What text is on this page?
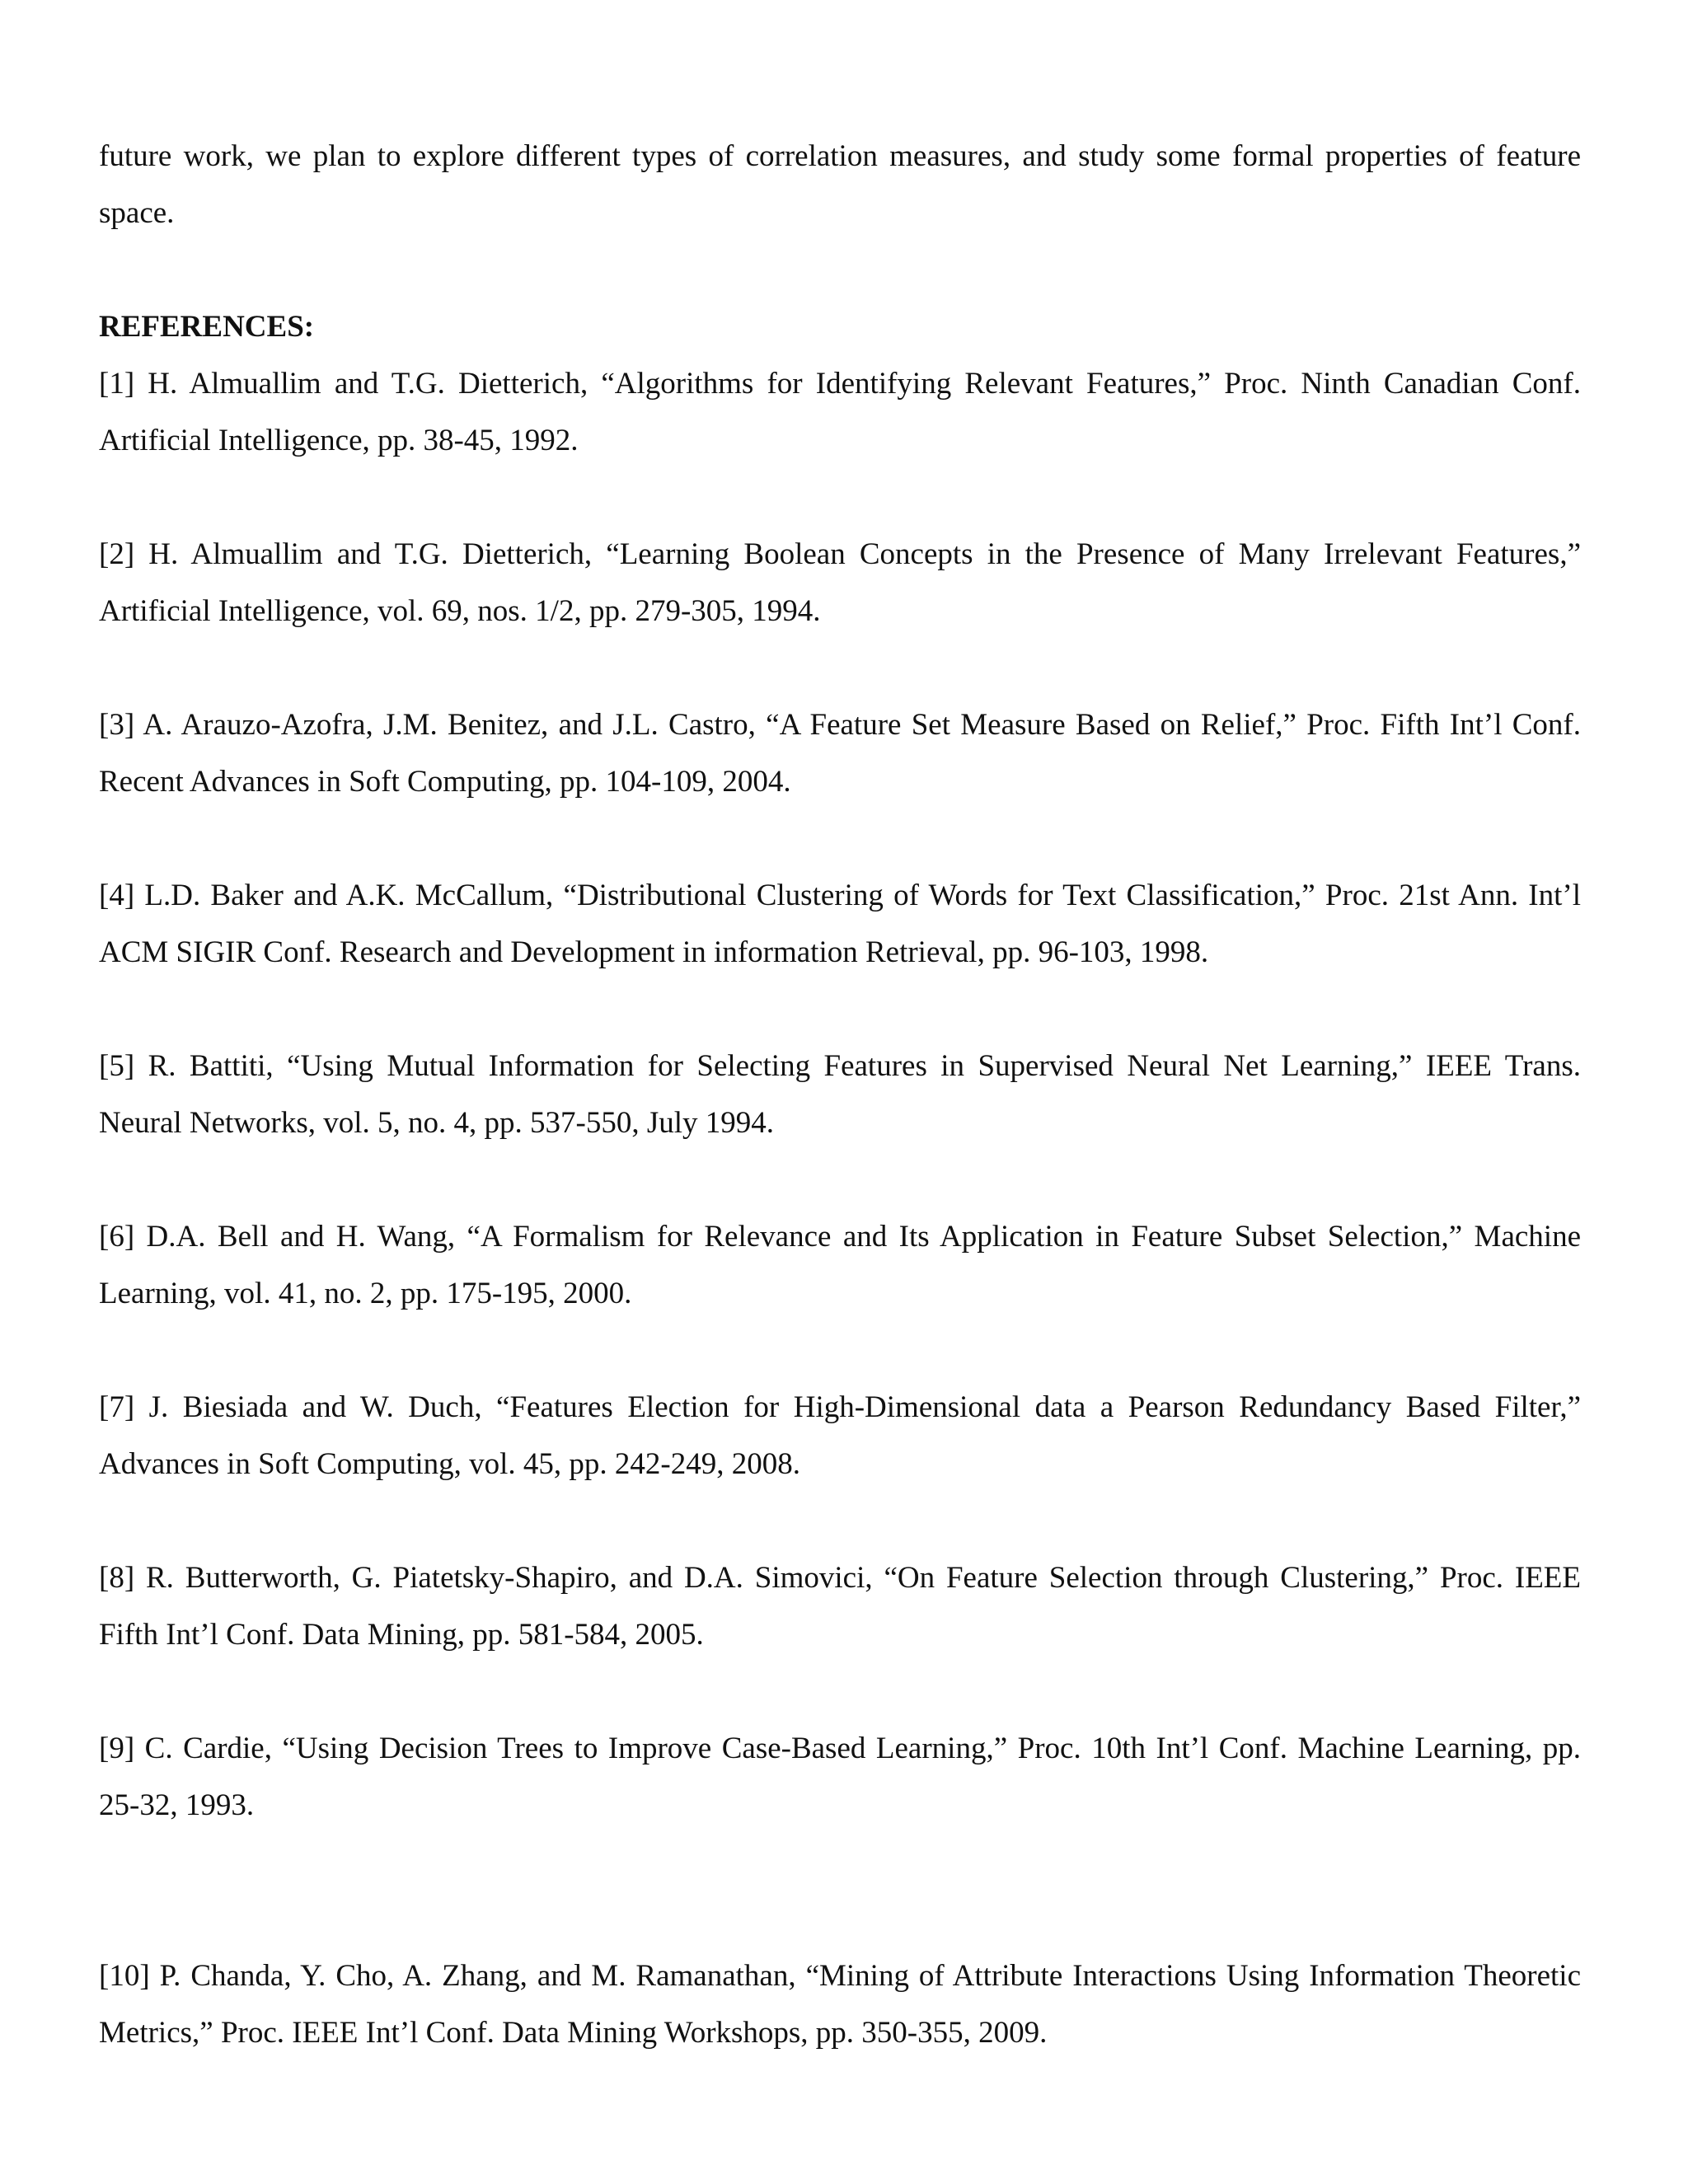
future work, we plan to explore different types of correlation measures, and study some formal properties of feature space.

REFERENCES:

[1] H. Almuallim and T.G. Dietterich, “Algorithms for Identifying Relevant Features,” Proc. Ninth Canadian Conf. Artificial Intelligence, pp. 38-45, 1992.
[2] H. Almuallim and T.G. Dietterich, “Learning Boolean Concepts in the Presence of Many Irrelevant Features,” Artificial Intelligence, vol. 69, nos. 1/2, pp. 279-305, 1994.
[3] A. Arauzo-Azofra, J.M. Benitez, and J.L. Castro, “A Feature Set Measure Based on Relief,” Proc. Fifth Int’l Conf. Recent Advances in Soft Computing, pp. 104-109, 2004.
[4] L.D. Baker and A.K. McCallum, “Distributional Clustering of Words for Text Classification,” Proc. 21st Ann. Int’l ACM SIGIR Conf. Research and Development in information Retrieval, pp. 96-103, 1998.
[5] R. Battiti, “Using Mutual Information for Selecting Features in Supervised Neural Net Learning,” IEEE Trans. Neural Networks, vol. 5, no. 4, pp. 537-550, July 1994.
[6] D.A. Bell and H. Wang, “A Formalism for Relevance and Its Application in Feature Subset Selection,” Machine Learning, vol. 41, no. 2, pp. 175-195, 2000.
[7] J. Biesiada and W. Duch, “Features Election for High-Dimensional data a Pearson Redundancy Based Filter,” Advances in Soft Computing, vol. 45, pp. 242-249, 2008.
[8] R. Butterworth, G. Piatetsky-Shapiro, and D.A. Simovici, “On Feature Selection through Clustering,” Proc. IEEE Fifth Int’l Conf. Data Mining, pp. 581-584, 2005.
[9] C. Cardie, “Using Decision Trees to Improve Case-Based Learning,” Proc. 10th Int’l Conf. Machine Learning, pp. 25-32, 1993.
[10] P. Chanda, Y. Cho, A. Zhang, and M. Ramanathan, “Mining of Attribute Interactions Using Information Theoretic Metrics,” Proc. IEEE Int’l Conf. Data Mining Workshops, pp. 350-355, 2009.
